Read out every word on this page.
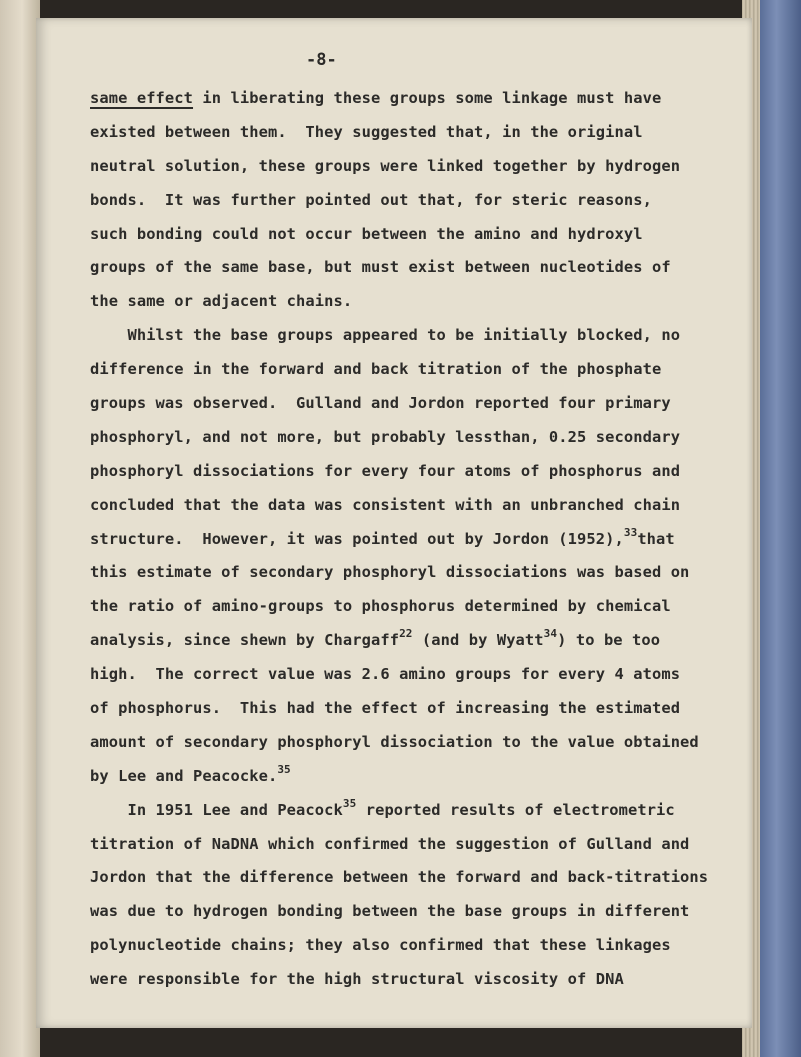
-8-
same effect in liberating these groups some linkage must have
existed between them.  They suggested that, in the original
neutral solution, these groups were linked together by hydrogen
bonds.  It was further pointed out that, for steric reasons,
such bonding could not occur between the amino and hydroxyl
groups of the same base, but must exist between nucleotides of
the same or adjacent chains.
Whilst the base groups appeared to be initially blocked, no
difference in the forward and back titration of the phosphate
groups was observed.  Gulland and Jordon reported four primary
phosphoryl, and not more, but probably lessthan, 0.25 secondary
phosphoryl dissociations for every four atoms of phosphorus and
concluded that the data was consistent with an unbranched chain
structure.  However, it was pointed out by Jordon (1952),$^{33}$that
this estimate of secondary phosphoryl dissociations was based on
the ratio of amino-groups to phosphorus determined by chemical
analysis, since shewn by Chargaff$^{22}$ (and by Wyatt$^{34}$) to be too
high.  The correct value was 2.6 amino groups for every 4 atoms
of phosphorus.  This had the effect of increasing the estimated
amount of secondary phosphoryl dissociation to the value obtained
by Lee and Peacocke.$^{35}$
In 1951 Lee and Peacock$^{35}$ reported results of electrometric
titration of NaDNA which confirmed the suggestion of Gulland and
Jordon that the difference between the forward and back-titrations
was due to hydrogen bonding between the base groups in different
polynucleotide chains; they also confirmed that these linkages
were responsible for the high structural viscosity of DNA
